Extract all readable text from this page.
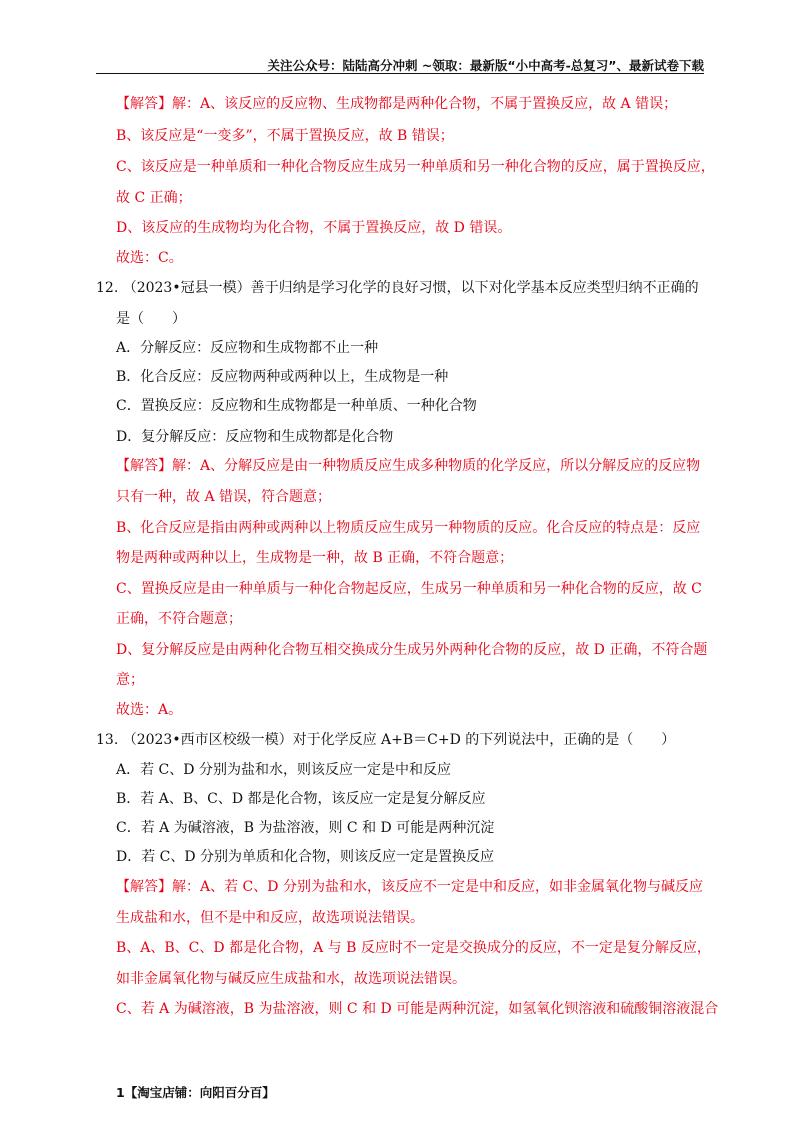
关注公众号：陆陆高分冲刺 ~领取：最新版“小中高考-总复习”、最新试卷下载
【解答】解：A、该反应的反应物、生成物都是两种化合物，不属于置换反应，故 A 错误；
B、该反应是“一变多”，不属于置换反应，故 B 错误；
C、该反应是一种单质和一种化合物反应生成另一种单质和另一种化合物的反应，属于置换反应，
故 C 正确；
D、该反应的生成物均为化合物，不属于置换反应，故 D 错误。
故选：C。
12. （2023•冠县一模）善于归纳是学习化学的良好习惯，以下对化学基本反应类型归纳不正确的
是（　　）
A．分解反应：反应物和生成物都不止一种
B．化合反应：反应物两种或两种以上，生成物是一种
C．置换反应：反应物和生成物都是一种单质、一种化合物
D．复分解反应：反应物和生成物都是化合物
【解答】解：A、分解反应是由一种物质反应生成多种物质的化学反应，所以分解反应的反应物
只有一种，故 A 错误，符合题意；
B、化合反应是指由两种或两种以上物质反应生成另一种物质的反应。化合反应的特点是：反应
物是两种或两种以上，生成物是一种，故 B 正确，不符合题意；
C、置换反应是由一种单质与一种化合物起反应，生成另一种单质和另一种化合物的反应，故 C
正确，不符合题意；
D、复分解反应是由两种化合物互相交换成分生成另外两种化合物的反应，故 D 正确，不符合题
意；
故选：A。
13. （2023•西市区校级一模）对于化学反应 A+B＝C+D 的下列说法中，正确的是（　　）
A．若 C、D 分别为盐和水，则该反应一定是中和反应
B．若 A、B、C、D 都是化合物，该反应一定是复分解反应
C．若 A 为碱溶液，B 为盐溶液，则 C 和 D 可能是两种沉淀
D．若 C、D 分别为单质和化合物，则该反应一定是置换反应
【解答】解：A、若 C、D 分别为盐和水，该反应不一定是中和反应，如非金属氧化物与碱反应
生成盐和水，但不是中和反应，故选项说法错误。
B、A、B、C、D 都是化合物，A 与 B 反应时不一定是交换成分的反应，不一定是复分解反应，
如非金属氧化物与碱反应生成盐和水，故选项说法错误。
C、若 A 为碱溶液，B 为盐溶液，则 C 和 D 可能是两种沉淀，如氢氧化钡溶液和硫酸铜溶液混合
1【淘宝店铺：向阳百分百】
